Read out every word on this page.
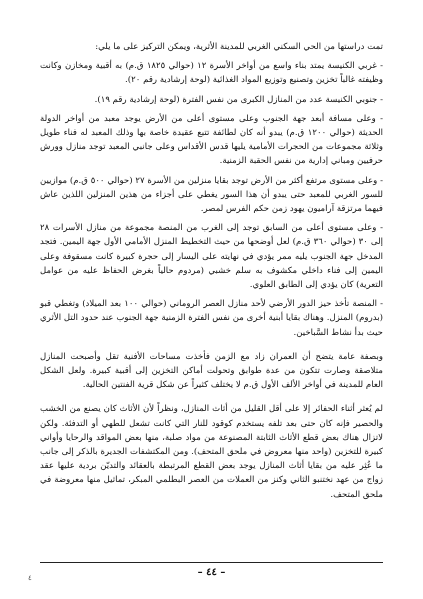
تمت دراستها من الحي السكني الغربي للمدينة الأثرية، ويمكن التركيز على ما يلي:

- غربي الكنيسة يمتد بناء واسع من أواخر الأسرة ١٢ (حوالي ١٨٢٥ ق.م) به أقبية ومخازن وكانت وظيفته غالباً تخزين وتصنيع وتوزيع المواد الغذائية (لوحة إرشادية رقم ٢٠).

- جنوبي الكنيسة عدد من المنازل الكبرى من نفس الفترة (لوحة إرشادية رقم ١٩).

- وعلى مسافة أبعد جهة الجنوب وعلى مستوى أعلى من الأرض يوجد معبد من أواخر الدولة الحديثة (حوالي ١٢٠٠ ق.م) يبدو أنه كان لطائفة تتبع عقيدة خاصة بها وذلك المعبد له فناء طويل وثلاثة مجموعات من الحجرات الأمامية يليها قدس الأقداس وعلى جانبي المعبد توجد منازل وورش حرفيين ومباني إدارية من نفس الحقبة الزمنية.

- وعلى مستوى مرتفع أكثر من الأرض توجد بقايا منزلين من الأسرة ٢٧ (حوالي ٥٠٠ ق.م) موازيين للسور الغربي للمعبد حتى يبدو أن هذا السور يغطي على أجزاء من هذين المنزلين اللذين عاش فيهما مرتزقة آراميون يهود زمن حكم الفرس لمصر.

- وعلى مستوى أعلى من السابق توجد إلى الغرب من المنصة مجموعة من منازل الأسرات ٢٨ إلى ٣٠ (حوالي ٣٦٠ ق.م) لعل أوضحها من حيث التخطيط المنزل الأمامي الأول جهة اليمين. فتجد المدخل جهة الجنوب يليه ممر يؤدي في نهايته على اليسار إلى حجرة كبيرة كانت مسقوفة وعلى اليمين إلى فناء داخلي مكشوف به سلم خشبي (مردوم حالياً بغرض الحفاظ عليه من عوامل التعرية) كان يؤدي إلى الطابق العلوي.

- المنصة تأخذ حيز الدور الأرضي لأحد منازل العصر الروماني (حوالي ١٠٠ بعد الميلاد) وتغطي قبو (بدروم) المنزل. وهناك بقايا أبنية أخرى من نفس الفترة الزمنية جهة الجنوب عند حدود التل الأثري حيث بدأ نشاط السَّباخين.

وبصفة عامة يتضح أن العمران زاد مع الزمن فأخذت مساحات الأفنية تقل وأصبحت المنازل متلاصقة وصارت تتكون من عدة طوابق وتحولت أماكن التخزين إلى أقبية كبيرة. ولعل الشكل العام للمدينة في أواخر الألف الأول ق.م لا يختلف كثيراً عن شكل قرية الفنتين الحالية.

لم يُعثر أثناء الحفائر إلا على أقل القليل من أثاث المنازل، ونظراً لأن الأثاث كان يصنع من الخشب والحصير فإنه كان حتى بعد تلفه يستخدم كوقود للنار التي كانت تشعل للطهي أو التدفئة. ولكن لاتزال هناك بعض قطع الأثاث الثابتة المصنوعة من مواد صلبة، منها بعض المواقد والرحايا وأواني كبيرة للتخزين (واحد منها معروض في ملحق المتحف). ومن المكتشفات الجديرة بالذكر إلى جانب ما عُثِر عليه من بقايا أثاث المنازل يوجد بعض القطع المرتبطة بالعقائد والتديّن بردية عليها عقد زواج من عهد نختنبو الثاني وكنز من العملات من العصر البطلمي المبكر، تماثيل منها معروضة في ملحق المتحف.

– ٤٤ –
٤
